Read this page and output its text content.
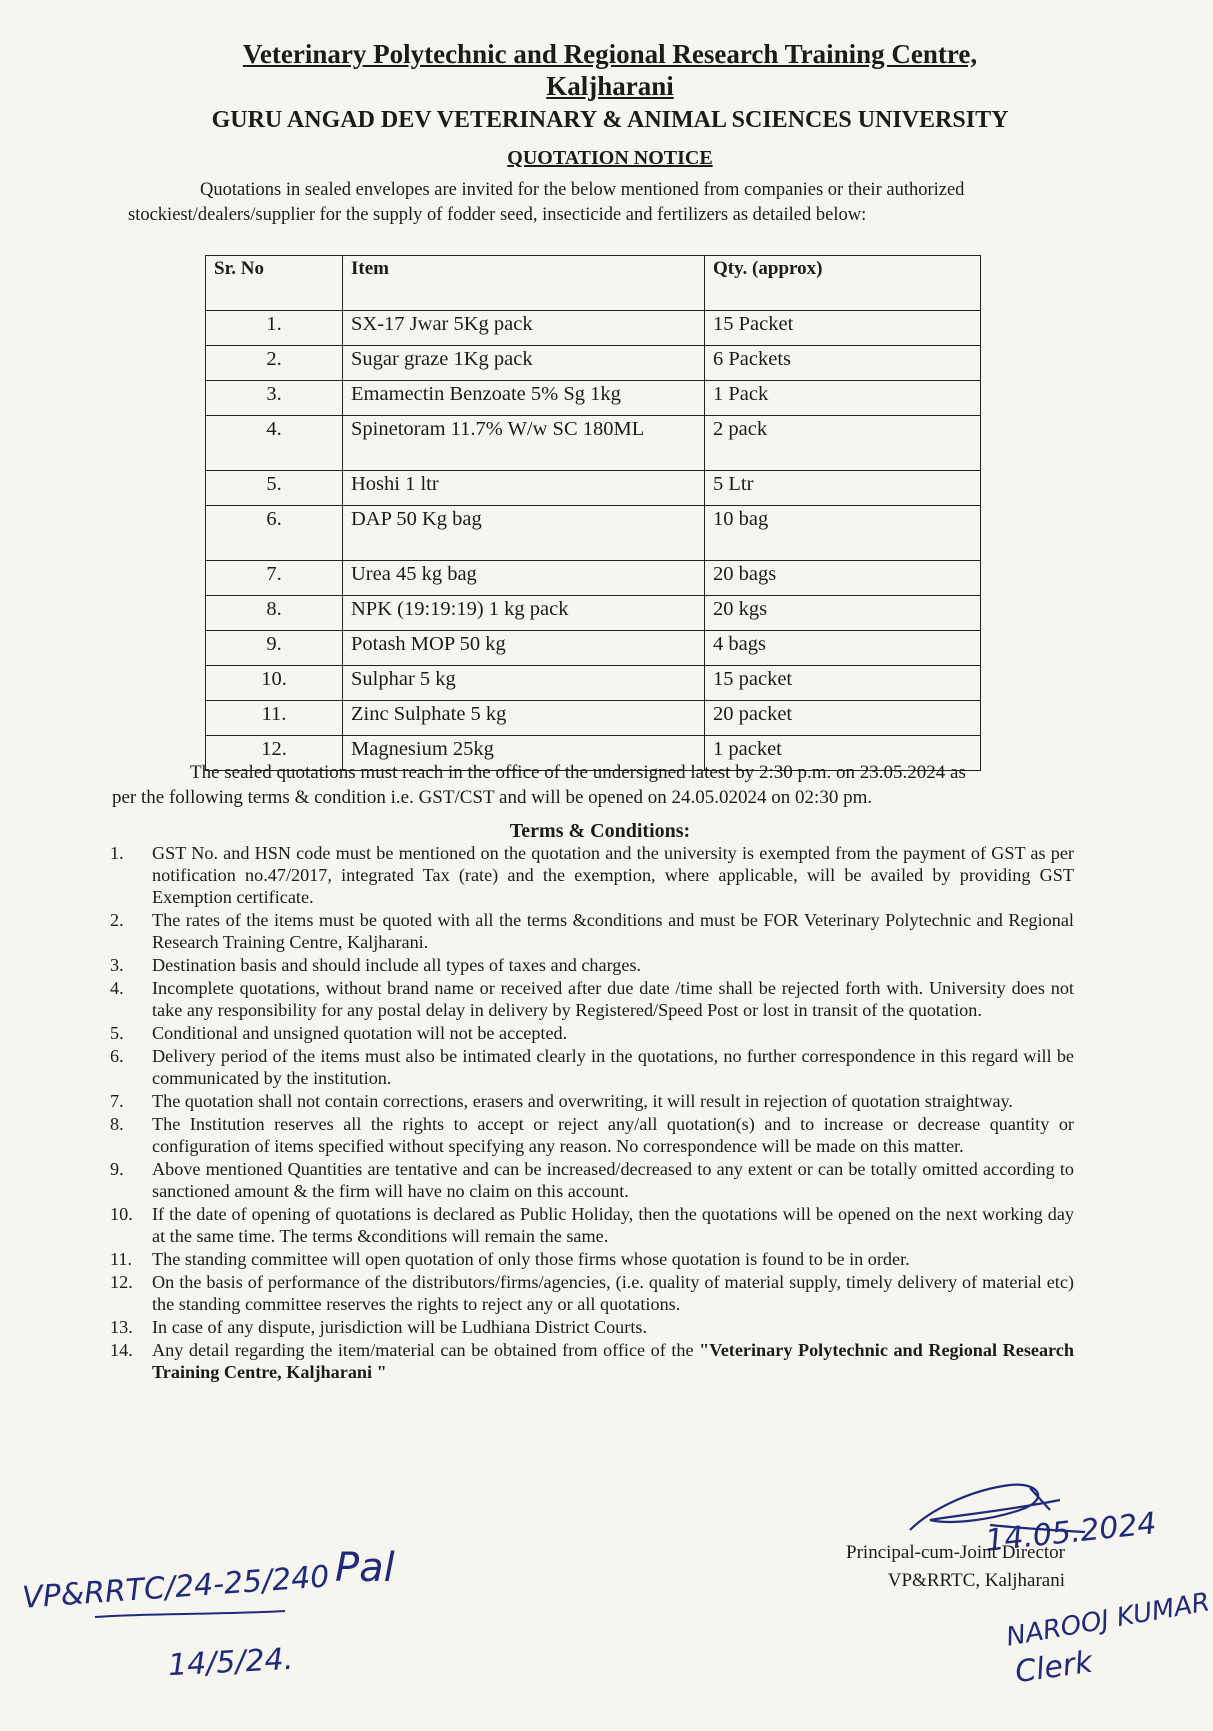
Veterinary Polytechnic and Regional Research Training Centre,
Kaljharani
GURU ANGAD DEV VETERINARY & ANIMAL SCIENCES UNIVERSITY
QUOTATION NOTICE
Quotations in sealed envelopes are invited for the below mentioned from companies or their authorized
stockiest/dealers/supplier for the supply of fodder seed, insecticide and fertilizers as detailed below:
Sr. No	Item	Qty. (approx)
1.	SX-17 Jwar 5Kg pack	15 Packet
2.	Sugar graze 1Kg pack	6 Packets
3.	Emamectin Benzoate 5% Sg 1kg	1 Pack
4.	Spinetoram 11.7% W/w SC 180ML	2 pack
5.	Hoshi 1 ltr	5 Ltr
6.	DAP 50 Kg bag	10 bag
7.	Urea 45 kg bag	20 bags
8.	NPK (19:19:19) 1 kg pack	20 kgs
9.	Potash MOP 50 kg	4 bags
10.	Sulphar 5 kg	15 packet
11.	Zinc Sulphate 5 kg	20 packet
12.	Magnesium 25kg	1 packet
The sealed quotations must reach in the office of the undersigned latest by 2:30 p.m. on 23.05.2024 as
per the following terms & condition i.e. GST/CST and will be opened on 24.05.02024 on 02:30 pm.
Terms & Conditions:
1.	GST No. and HSN code must be mentioned on the quotation and the university is exempted from the payment of GST as per notification no.47/2017, integrated Tax (rate) and the exemption, where applicable, will be availed by providing GST Exemption certificate.
2.	The rates of the items must be quoted with all the terms &conditions and must be FOR Veterinary Polytechnic and Regional Research Training Centre, Kaljharani.
3.	Destination basis and should include all types of taxes and charges.
4.	Incomplete quotations, without brand name or received after due date /time shall be rejected forth with. University does not take any responsibility for any postal delay in delivery by Registered/Speed Post or lost in transit of the quotation.
5.	Conditional and unsigned quotation will not be accepted.
6.	Delivery period of the items must also be intimated clearly in the quotations, no further correspondence in this regard will be communicated by the institution.
7.	The quotation shall not contain corrections, erasers and overwriting, it will result in rejection of quotation straightway.
8.	The Institution reserves all the rights to accept or reject any/all quotation(s) and to increase or decrease quantity or configuration of items specified without specifying any reason. No correspondence will be made on this matter.
9.	Above mentioned Quantities are tentative and can be increased/decreased to any extent or can be totally omitted according to sanctioned amount & the firm will have no claim on this account.
10.	If the date of opening of quotations is declared as Public Holiday, then the quotations will be opened on the next working day at the same time. The terms &conditions will remain the same.
11.	The standing committee will open quotation of only those firms whose quotation is found to be in order.
12.	On the basis of performance of the distributors/firms/agencies, (i.e. quality of material supply, timely delivery of material etc) the standing committee reserves the rights to reject any or all quotations.
13.	In case of any dispute, jurisdiction will be Ludhiana District Courts.
14.	Any detail regarding the item/material can be obtained from office of the "Veterinary Polytechnic and Regional Research Training Centre, Kaljharani "
14.05.2024
Principal-cum-Joint Director
VP&RRTC, Kaljharani
VP&RRTC/24-25/240
14/5/24.
Pal
NAROOJ KUMAR
Clerk
